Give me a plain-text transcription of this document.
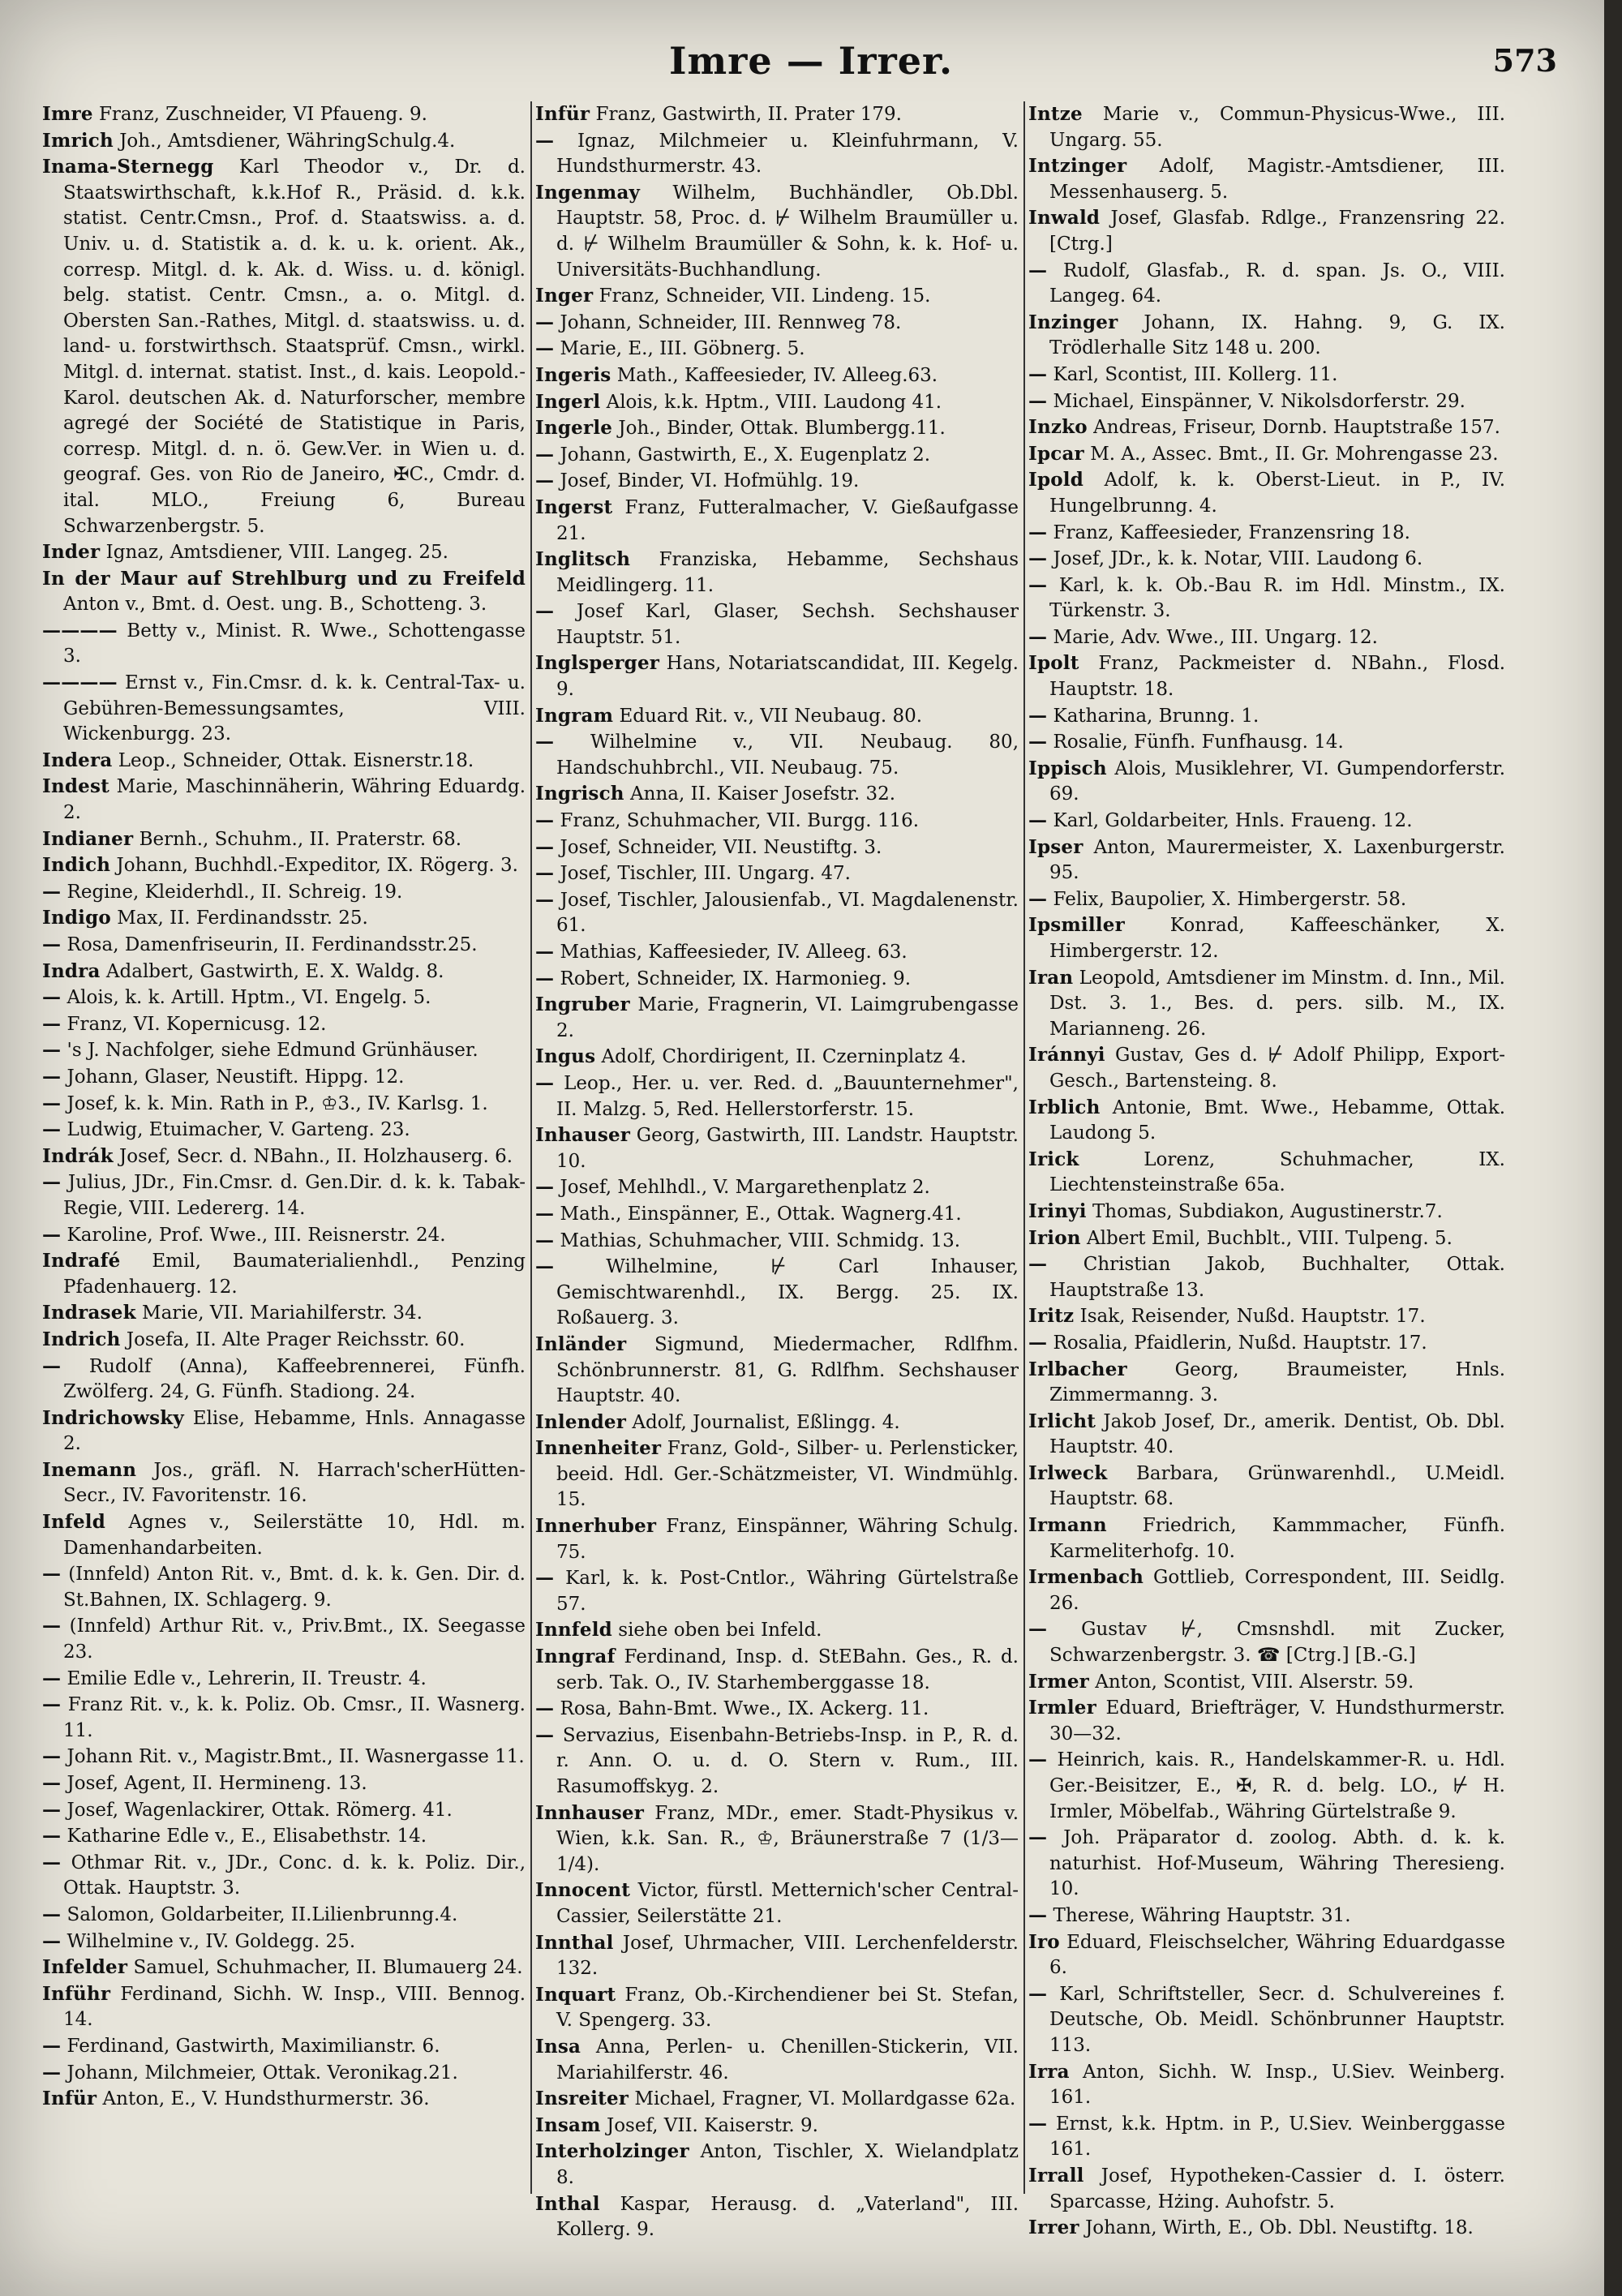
Imre — Irrer.	573
Imre Franz, Zuschneider, VI Pfaueng. 9.
Imrich Joh., Amtsdiener, WähringSchulg.4.
Inama-Sternegg Karl Theodor v., Dr. d. Staatswirthschaft, k.k.Hof R., Präsid. d. k.k. statist. Centr.Cmsn., Prof. d. Staatswiss. a. d. Univ. u. d. Statistik a. d. k. u. k. orient. Ak., corresp. Mitgl. d. k. Ak. d. Wiss. u. d. königl. belg. statist. Centr. Cmsn., a. o. Mitgl. d. Obersten San.-Rathes, Mitgl. d. staatswiss. u. d. land- u. forstwirthsch. Staatsprüf. Cmsn., wirkl. Mitgl. d. internat. statist. Inst., d. kais. Leopold.-Karol. deutschen Ak. d. Naturforscher, membre agregé der Société de Statistique in Paris, corresp. Mitgl. d. n. ö. Gew.Ver. in Wien u. d. geograf. Ges. von Rio de Janeiro, ✠C., Cmdr. d. ital. MLO., Freiung 6, Bureau Schwarzenbergstr. 5.
Inder Ignaz, Amtsdiener, VIII. Langeg. 25.
In der Maur auf Strehlburg und zu Freifeld Anton v., Bmt. d. Oest. ung. B., Schotteng. 3.
———— Betty v., Minist. R. Wwe., Schottengasse 3.
———— Ernst v., Fin.Cmsr. d. k. k. Central-Tax- u. Gebühren-Bemessungsamtes, VIII. Wickenburgg. 23.
Indera Leop., Schneider, Ottak. Eisnerstr.18.
Indest Marie, Maschinnäherin, Währing Eduardg. 2.
Indianer Bernh., Schuhm., II. Praterstr. 68.
Indich Johann, Buchhdl.-Expeditor, IX. Rögerg. 3.
— Regine, Kleiderhdl., II. Schreig. 19.
Indigo Max, II. Ferdinandsstr. 25.
— Rosa, Damenfriseurin, II. Ferdinandsstr.25.
Indra Adalbert, Gastwirth, E. X. Waldg. 8.
— Alois, k. k. Artill. Hptm., VI. Engelg. 5.
— Franz, VI. Kopernicusg. 12.
— 's J. Nachfolger, siehe Edmund Grünhäuser.
— Johann, Glaser, Neustift. Hippg. 12.
— Josef, k. k. Min. Rath in P., ♔3., IV. Karlsg. 1.
— Ludwig, Etuimacher, V. Garteng. 23.
Indrák Josef, Secr. d. NBahn., II. Holzhauserg. 6.
— Julius, JDr., Fin.Cmsr. d. Gen.Dir. d. k. k. Tabak-Regie, VIII. Ledererg. 14.
— Karoline, Prof. Wwe., III. Reisnerstr. 24.
Indrafé Emil, Baumaterialienhdl., Penzing Pfadenhauerg. 12.
Indrasek Marie, VII. Mariahilferstr. 34.
Indrich Josefa, II. Alte Prager Reichsstr. 60.
— Rudolf (Anna), Kaffeebrennerei, Fünfh. Zwölferg. 24, G. Fünfh. Stadiong. 24.
Indrichowsky Elise, Hebamme, Hnls. Annagasse 2.
Inemann Jos., gräfl. N. Harrach'scherHütten-Secr., IV. Favoritenstr. 16.
Infeld Agnes v., Seilerstätte 10, Hdl. m. Damenhandarbeiten.
— (Innfeld) Anton Rit. v., Bmt. d. k. k. Gen. Dir. d. St.Bahnen, IX. Schlagerg. 9.
— (Innfeld) Arthur Rit. v., Priv.Bmt., IX. Seegasse 23.
— Emilie Edle v., Lehrerin, II. Treustr. 4.
— Franz Rit. v., k. k. Poliz. Ob. Cmsr., II. Wasnerg. 11.
— Johann Rit. v., Magistr.Bmt., II. Wasnergasse 11.
— Josef, Agent, II. Hermineng. 13.
— Josef, Wagenlackirer, Ottak. Römerg. 41.
— Katharine Edle v., E., Elisabethstr. 14.
— Othmar Rit. v., JDr., Conc. d. k. k. Poliz. Dir., Ottak. Hauptstr. 3.
— Salomon, Goldarbeiter, II.Lilienbrunng.4.
— Wilhelmine v., IV. Goldegg. 25.
Infelder Samuel, Schuhmacher, II. Blumauerg 24.
Inführ Ferdinand, Sichh. W. Insp., VIII. Bennog. 14.
— Ferdinand, Gastwirth, Maximilianstr. 6.
— Johann, Milchmeier, Ottak. Veronikag.21.
Infür Anton, E., V. Hundsthurmerstr. 36.
Infür Franz, Gastwirth, II. Prater 179.
— Ignaz, Milchmeier u. Kleinfuhrmann, V. Hundsthurmerstr. 43.
Ingenmay Wilhelm, Buchhändler, Ob.Dbl. Hauptstr. 58, Proc. d. ⊬ Wilhelm Braumüller u. d. ⊬ Wilhelm Braumüller & Sohn, k. k. Hof- u. Universitäts-Buchhandlung.
Inger Franz, Schneider, VII. Lindeng. 15.
— Johann, Schneider, III. Rennweg 78.
— Marie, E., III. Göbnerg. 5.
Ingeris Math., Kaffeesieder, IV. Alleeg.63.
Ingerl Alois, k.k. Hptm., VIII. Laudong 41.
Ingerle Joh., Binder, Ottak. Blumbergg.11.
— Johann, Gastwirth, E., X. Eugenplatz 2.
— Josef, Binder, VI. Hofmühlg. 19.
Ingerst Franz, Futteralmacher, V. Gießaufgasse 21.
Inglitsch Franziska, Hebamme, Sechshaus Meidlingerg. 11.
— Josef Karl, Glaser, Sechsh. Sechshauser Hauptstr. 51.
Inglsperger Hans, Notariatscandidat, III. Kegelg. 9.
Ingram Eduard Rit. v., VII Neubaug. 80.
— Wilhelmine v., VII. Neubaug. 80, Handschuhbrchl., VII. Neubaug. 75.
Ingrisch Anna, II. Kaiser Josefstr. 32.
— Franz, Schuhmacher, VII. Burgg. 116.
— Josef, Schneider, VII. Neustiftg. 3.
— Josef, Tischler, III. Ungarg. 47.
— Josef, Tischler, Jalousienfab., VI. Magdalenenstr. 61.
— Mathias, Kaffeesieder, IV. Alleeg. 63.
— Robert, Schneider, IX. Harmonieg. 9.
Ingruber Marie, Fragnerin, VI. Laimgrubengasse 2.
Ingus Adolf, Chordirigent, II. Czerninplatz 4.
— Leop., Her. u. ver. Red. d. „Bauunternehmer", II. Malzg. 5, Red. Hellerstorferstr. 15.
Inhauser Georg, Gastwirth, III. Landstr. Hauptstr. 10.
— Josef, Mehlhdl., V. Margarethenplatz 2.
— Math., Einspänner, E., Ottak. Wagnerg.41.
— Mathias, Schuhmacher, VIII. Schmidg. 13.
—	Wilhelmine, ⊬ Carl Inhauser, Gemischtwarenhdl., IX. Bergg. 25. IX. Roßauerg. 3.
Inländer Sigmund, Miedermacher, Rdlfhm. Schönbrunnerstr. 81, G. Rdlfhm. Sechshauser Hauptstr. 40.
Inlender Adolf, Journalist, Eßlingg. 4.
Innenheiter Franz, Gold-, Silber- u. Perlensticker, beeid. Hdl. Ger.-Schätzmeister, VI. Windmühlg. 15.
Innerhuber Franz, Einspänner, Währing Schulg. 75.
— Karl, k. k. Post-Cntlor., Währing Gürtelstraße 57.
Innfeld siehe oben bei Infeld.
Inngraf Ferdinand, Insp. d. StEBahn. Ges., R. d. serb. Tak. O., IV. Starhemberggasse 18.
— Rosa, Bahn-Bmt. Wwe., IX. Ackerg. 11.
— Servazius, Eisenbahn-Betriebs-Insp. in P., R. d. r. Ann. O. u. d. O. Stern v. Rum., III. Rasumoffskyg. 2.
Innhauser Franz, MDr., emer. Stadt-Physikus v. Wien, k.k. San. R., ♔, Bräunerstraße 7 (1/3—1/4).
Innocent Victor, fürstl. Metternich'scher Central-Cassier, Seilerstätte 21.
Innthal Josef, Uhrmacher, VIII. Lerchenfelderstr. 132.
Inquart Franz, Ob.-Kirchendiener bei St. Stefan, V. Spengerg. 33.
Insa Anna, Perlen- u. Chenillen-Stickerin, VII. Mariahilferstr. 46.
Insreiter Michael, Fragner, VI. Mollardgasse 62a.
Insam Josef, VII. Kaiserstr. 9.
Interholzinger Anton, Tischler, X. Wielandplatz 8.
Inthal Kaspar, Herausg. d. „Vaterland", III. Kollerg. 9.
Intze Marie v., Commun-Physicus-Wwe., III. Ungarg. 55.
Intzinger Adolf, Magistr.-Amtsdiener, III. Messenhauserg. 5.
Inwald Josef, Glasfab. Rdlge., Franzensring 22. [Ctrg.]
— Rudolf, Glasfab., R. d. span. Js. O., VIII. Langeg. 64.
Inzinger Johann, IX. Hahng. 9, G. IX. Trödlerhalle Sitz 148 u. 200.
— Karl, Scontist, III. Kollerg. 11.
— Michael, Einspänner, V. Nikolsdorferstr. 29.
Inzko Andreas, Friseur, Dornb. Hauptstraße 157.
Ipcar M. A., Assec. Bmt., II. Gr. Mohrengasse 23.
Ipold Adolf, k. k. Oberst-Lieut. in P., IV. Hungelbrunng. 4.
— Franz, Kaffeesieder, Franzensring 18.
— Josef, JDr., k. k. Notar, VIII. Laudong 6.
— Karl, k. k. Ob.-Bau R. im Hdl. Minstm., IX. Türkenstr. 3.
— Marie, Adv. Wwe., III. Ungarg. 12.
Ipolt Franz, Packmeister d. NBahn., Flosd. Hauptstr. 18.
— Katharina, Brunng. 1.
— Rosalie, Fünfh. Funfhausg. 14.
Ippisch Alois, Musiklehrer, VI. Gumpendorferstr. 69.
— Karl, Goldarbeiter, Hnls. Fraueng. 12.
Ipser Anton, Maurermeister, X. Laxenburgerstr. 95.
— Felix, Baupolier, X. Himbergerstr. 58.
Ipsmiller Konrad, Kaffeeschänker, X. Himbergerstr. 12.
Iran Leopold, Amtsdiener im Minstm. d. Inn., Mil. Dst. 3. 1., Bes. d. pers. silb. M., IX. Marianneng. 26.
Iránnyi Gustav, Ges d. ⊬ Adolf Philipp, Export-Gesch., Bartensteing. 8.
Irblich Antonie, Bmt. Wwe., Hebamme, Ottak. Laudong 5.
Irick	Lorenz, Schuhmacher, IX. Liechtensteinstraße 65a.
Irinyi Thomas, Subdiakon, Augustinerstr.7.
Irion Albert Emil, Buchblt., VIII. Tulpeng. 5.
— Christian Jakob, Buchhalter, Ottak. Hauptstraße 13.
Iritz Isak, Reisender, Nußd. Hauptstr. 17.
— Rosalia, Pfaidlerin, Nußd. Hauptstr. 17.
Irlbacher	Georg, Braumeister, Hnls. Zimmermanng. 3.
Irlicht Jakob Josef, Dr., amerik. Dentist, Ob. Dbl. Hauptstr. 40.
Irlweck Barbara, Grünwarenhdl., U.Meidl. Hauptstr. 68.
Irmann Friedrich, Kammmacher, Fünfh. Karmeliterhofg. 10.
Irmenbach Gottlieb, Correspondent, III. Seidlg. 26.
— Gustav ⊬, Cmsnshdl. mit Zucker, Schwarzenbergstr. 3. ☎ [Ctrg.] [B.-G.]
Irmer Anton, Scontist, VIII. Alserstr. 59.
Irmler Eduard, Briefträger, V. Hundsthurmerstr. 30—32.
— Heinrich, kais. R., Handelskammer-R. u. Hdl. Ger.-Beisitzer, E., ✠, R. d. belg. LO., ⊬ H. Irmler, Möbelfab., Währing Gürtelstraße 9.
— Joh. Präparator d. zoolog. Abth. d. k. k. naturhist. Hof-Museum, Währing Theresieng. 10.
— Therese, Währing Hauptstr. 31.
Iro Eduard, Fleischselcher, Währing Eduardgasse 6.
— Karl, Schriftsteller, Secr. d. Schulvereines f. Deutsche, Ob. Meidl. Schönbrunner Hauptstr. 113.
Irra Anton, Sichh. W. Insp., U.Siev. Weinberg. 161.
— Ernst, k.k. Hptm. in P., U.Siev. Weinberggasse 161.
Irrall Josef, Hypotheken-Cassier d. I. österr. Sparcasse, Hżing. Auhofstr. 5.
Irrer Johann, Wirth, E., Ob. Dbl. Neustiftg. 18.
